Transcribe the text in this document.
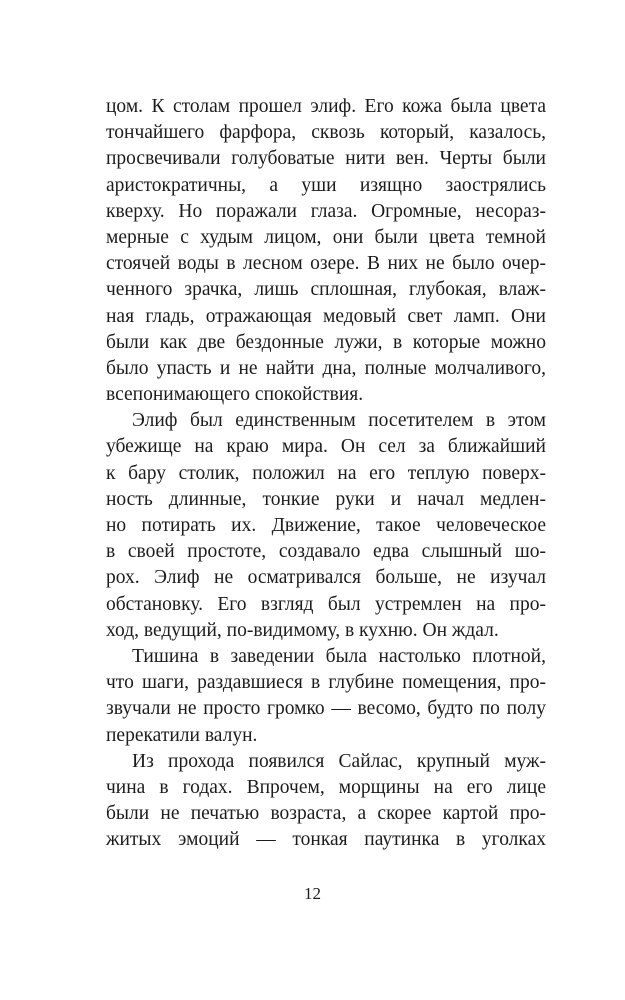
цом. К столам прошел элиф. Его кожа была цвета
тончайшего фарфора, сквозь который, казалось,
просвечивали голубоватые нити вен. Черты были
аристократичны, а уши изящно заострялись
кверху. Но поражали глаза. Огромные, несораз-
мерные с худым лицом, они были цвета темной
стоячей воды в лесном озере. В них не было очер-
ченного зрачка, лишь сплошная, глубокая, влаж-
ная гладь, отражающая медовый свет ламп. Они
были как две бездонные лужи, в которые можно
было упасть и не найти дна, полные молчаливого,
всепонимающего спокойствия.
Элиф был единственным посетителем в этом
убежище на краю мира. Он сел за ближайший
к бару столик, положил на его теплую поверх-
ность длинные, тонкие руки и начал медлен-
но потирать их. Движение, такое человеческое
в своей простоте, создавало едва слышный шо-
рох. Элиф не осматривался больше, не изучал
обстановку. Его взгляд был устремлен на про-
ход, ведущий, по-видимому, в кухню. Он ждал.
Тишина в заведении была настолько плотной,
что шаги, раздавшиеся в глубине помещения, про-
звучали не просто громко — весомо, будто по полу
перекатили валун.
Из прохода появился Сайлас, крупный муж-
чина в годах. Впрочем, морщины на его лице
были не печатью возраста, а скорее картой про-
житых эмоций — тонкая паутинка в уголках
12
